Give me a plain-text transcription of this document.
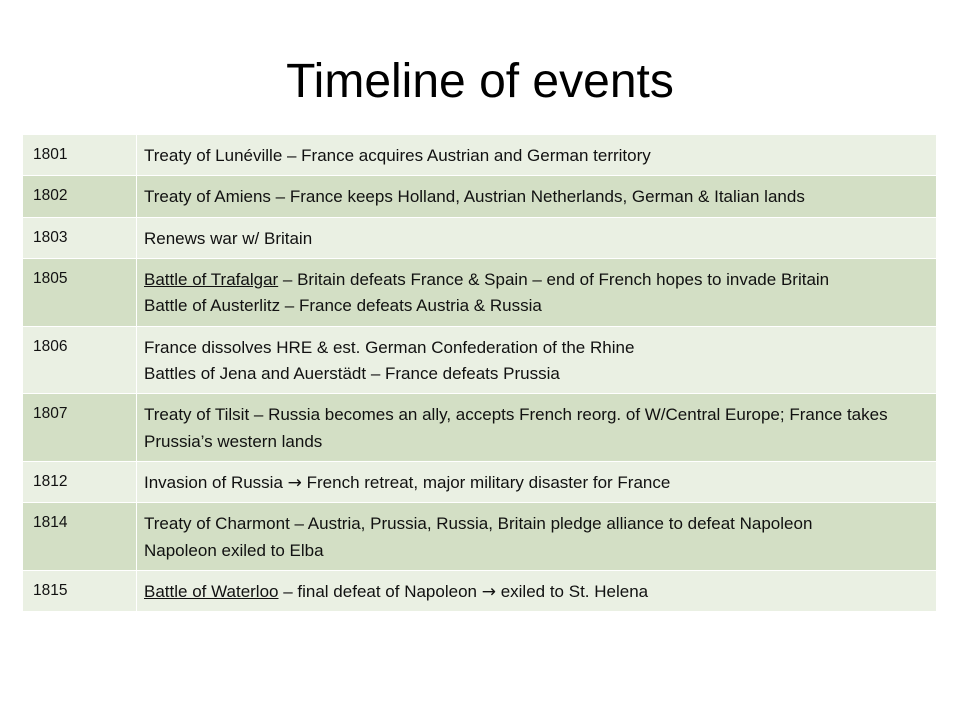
Timeline of events
1801	Treaty of Lunéville – France acquires Austrian and German territory

1802	Treaty of Amiens – France keeps Holland, Austrian Netherlands, German & Italian lands

1803	Renews war w/ Britain

1805	Battle of Trafalgar – Britain defeats France & Spain – end of French hopes to invade Britain
Battle of Austerlitz – France defeats Austria & Russia

1806	France dissolves HRE & est. German Confederation of the Rhine
Battles of Jena and Auerstädt – France defeats Prussia

1807	Treaty of Tilsit – Russia becomes an ally, accepts French reorg. of W/Central Europe; France takes Prussia’s western lands

1812	Invasion of Russia → French retreat, major military disaster for France

1814	Treaty of Charmont – Austria, Prussia, Russia, Britain pledge alliance to defeat Napoleon
Napoleon exiled to Elba

1815	Battle of Waterloo – final defeat of Napoleon → exiled to St. Helena
